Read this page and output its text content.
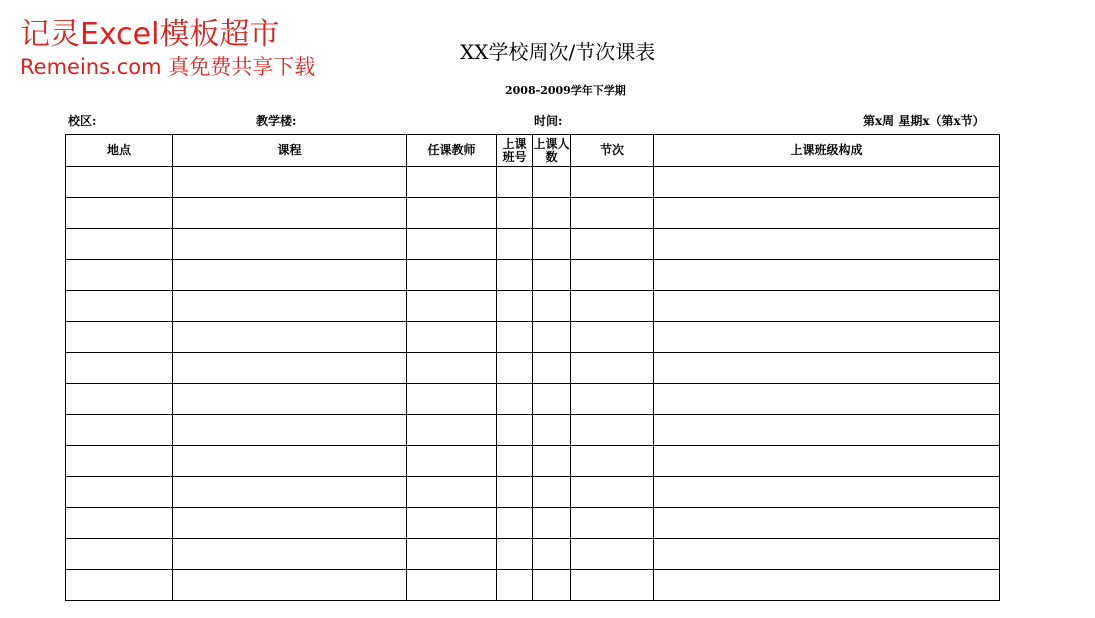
记灵Excel模板超市
Remeins.com 真免费共享下载
XX学校周次/节次课表
2008-2009学年下学期
校区:	教学楼:	时间:	第x周 星期x（第x节）
地点	课程	任课教师	上课班号	上课人数	节次	上课班级构成
